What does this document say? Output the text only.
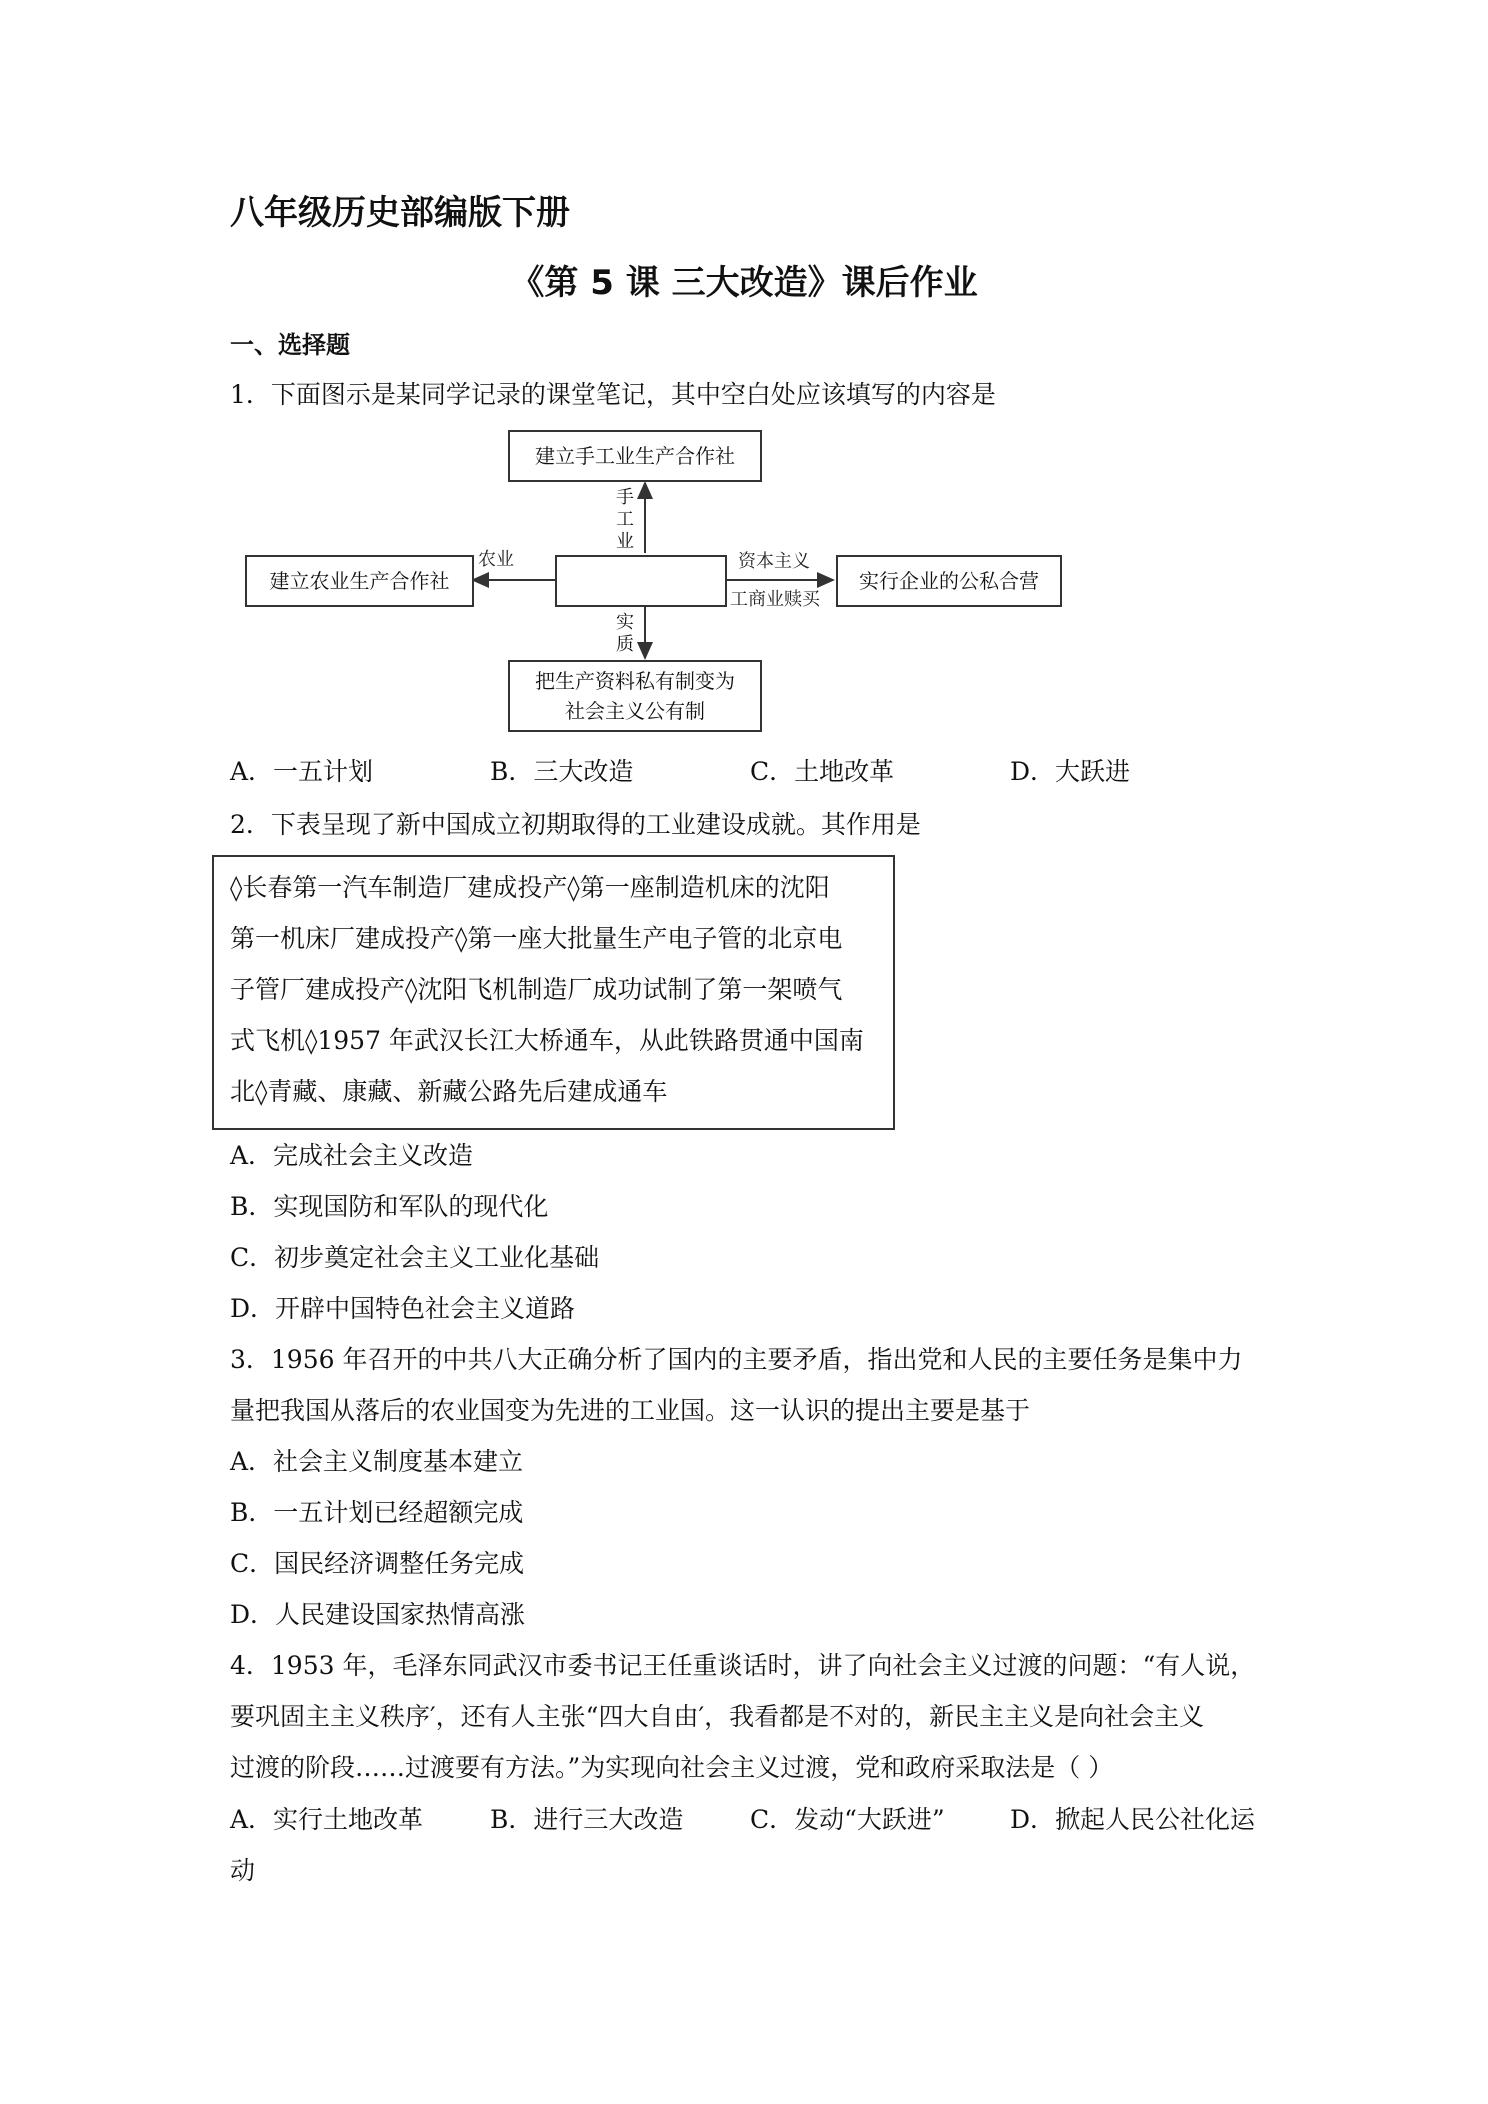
八年级历史部编版下册
《第 5 课 三大改造》课后作业
一、选择题
1．下面图示是某同学记录的课堂笔记，其中空白处应该填写的内容是
建立手工业生产合作社
建立农业生产合作社	实行企业的公私合营
把生产资料私有制变为
社会主义公有制
手工业
农业	资本主义
工商业赎买
实质
A．一五计划	B．三大改造	C．土地改革	D．大跃进
2．下表呈现了新中国成立初期取得的工业建设成就。其作用是
◊长春第一汽车制造厂建成投产◊第一座制造机床的沈阳
第一机床厂建成投产◊第一座大批量生产电子管的北京电
子管厂建成投产◊沈阳飞机制造厂成功试制了第一架喷气
式飞机◊1957 年武汉长江大桥通车，从此铁路贯通中国南
北◊青藏、康藏、新藏公路先后建成通车
A．完成社会主义改造
B．实现国防和军队的现代化
C．初步奠定社会主义工业化基础
D．开辟中国特色社会主义道路
3．1956 年召开的中共八大正确分析了国内的主要矛盾，指出党和人民的主要任务是集中力
量把我国从落后的农业国变为先进的工业国。这一认识的提出主要是基于
A．社会主义制度基本建立
B．一五计划已经超额完成
C．国民经济调整任务完成
D．人民建设国家热情高涨
4．1953 年，毛泽东同武汉市委书记王任重谈话时，讲了向社会主义过渡的问题：“有人说，
要巩固主主义秩序′，还有人主张“四大自由′，我看都是不对的，新民主主义是向社会主义
过渡的阶段……过渡要有方法。”为实现向社会主义过渡，党和政府采取法是（ ）
A．实行土地改革	B．进行三大改造	C．发动“大跃进”	D．掀起人民公社化运
动
